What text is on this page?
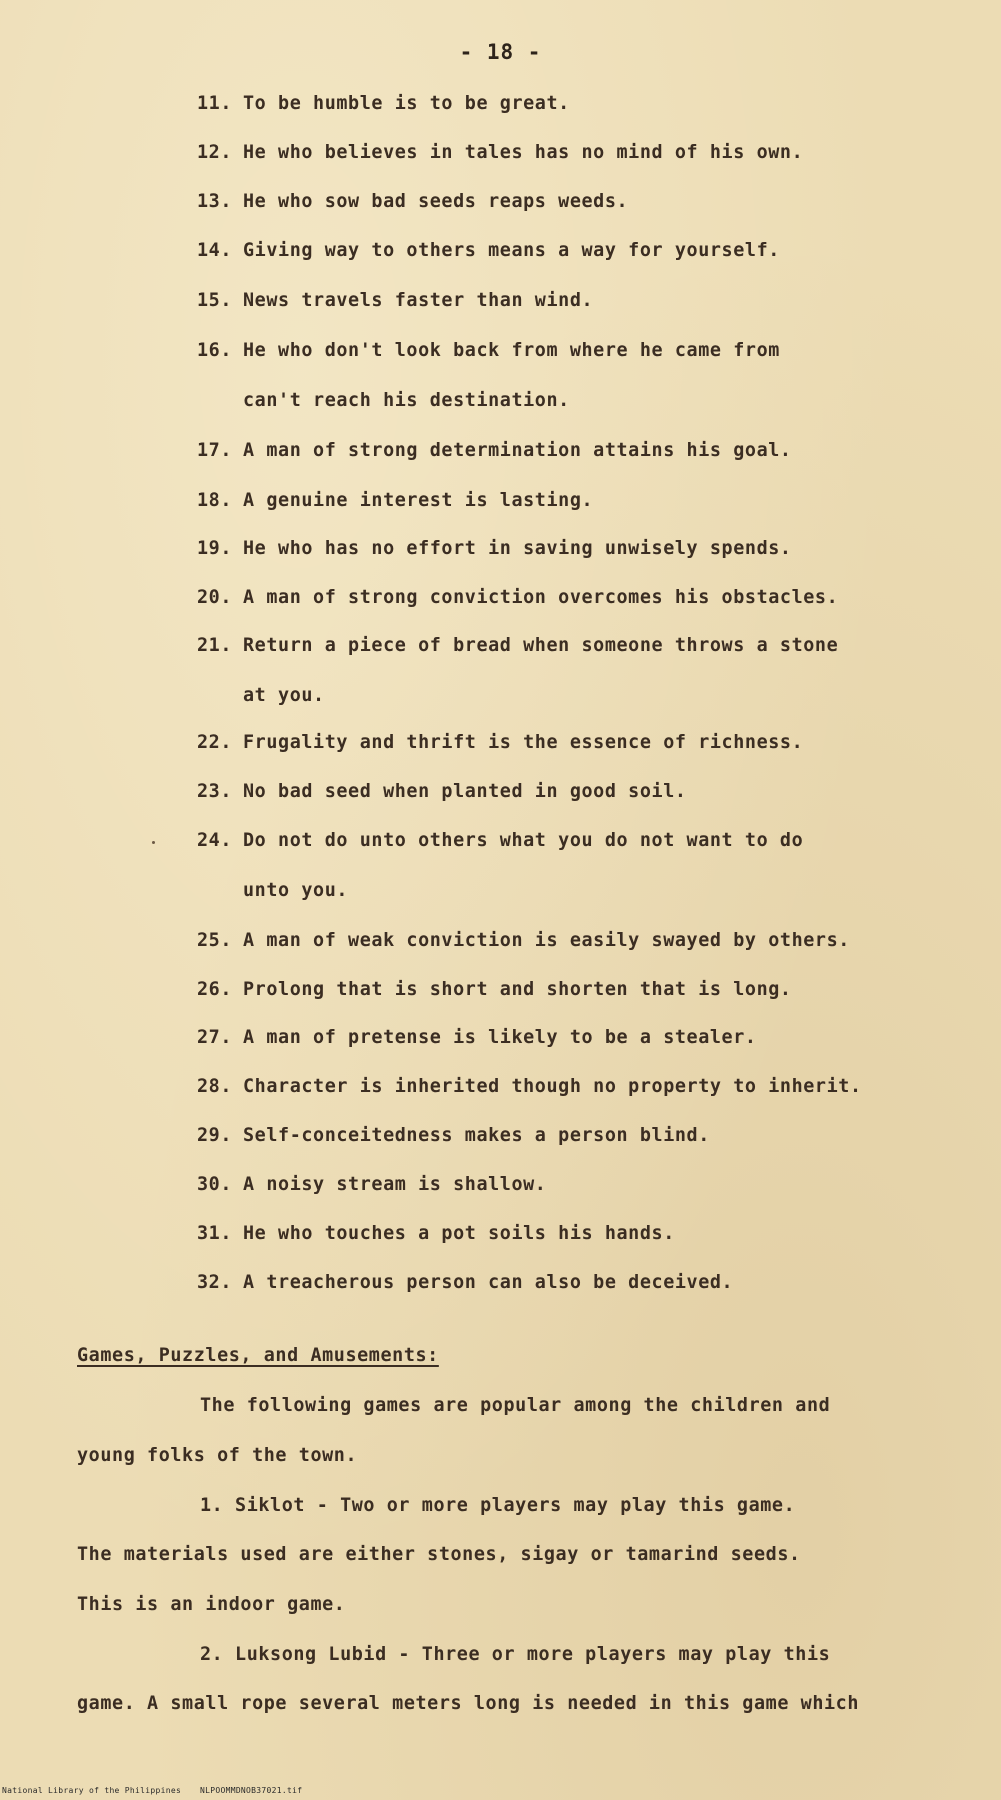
- 18 -
11. To be humble is to be great.
12. He who believes in tales has no mind of his own.
13. He who sow bad seeds reaps weeds.
14. Giving way to others means a way for yourself.
15. News travels faster than wind.
16. He who don't look back from where he came from
can't reach his destination.
17. A man of strong determination attains his goal.
18. A genuine interest is lasting.
19. He who has no effort in saving unwisely spends.
20. A man of strong conviction overcomes his obstacles.
21. Return a piece of bread when someone throws a stone
at you.
22. Frugality and thrift is the essence of richness.
23. No bad seed when planted in good soil.
24. Do not do unto others what you do not want to do
unto you.
25. A man of weak conviction is easily swayed by others.
26. Prolong that is short and shorten that is long.
27. A man of pretense is likely to be a stealer.
28. Character is inherited though no property to inherit.
29. Self-conceitedness makes a person blind.
30. A noisy stream is shallow.
31. He who touches a pot soils his hands.
32. A treacherous person can also be deceived.
Games, Puzzles, and Amusements:
The following games are popular among the children and
young folks of the town.
1. Siklot - Two or more players may play this game.
The materials used are either stones, sigay or tamarind seeds.
This is an indoor game.
2. Luksong Lubid - Three or more players may play this
game. A small rope several meters long is needed in this game which
National Library of the Philippines NLPOOMMDNOB37021.tif
